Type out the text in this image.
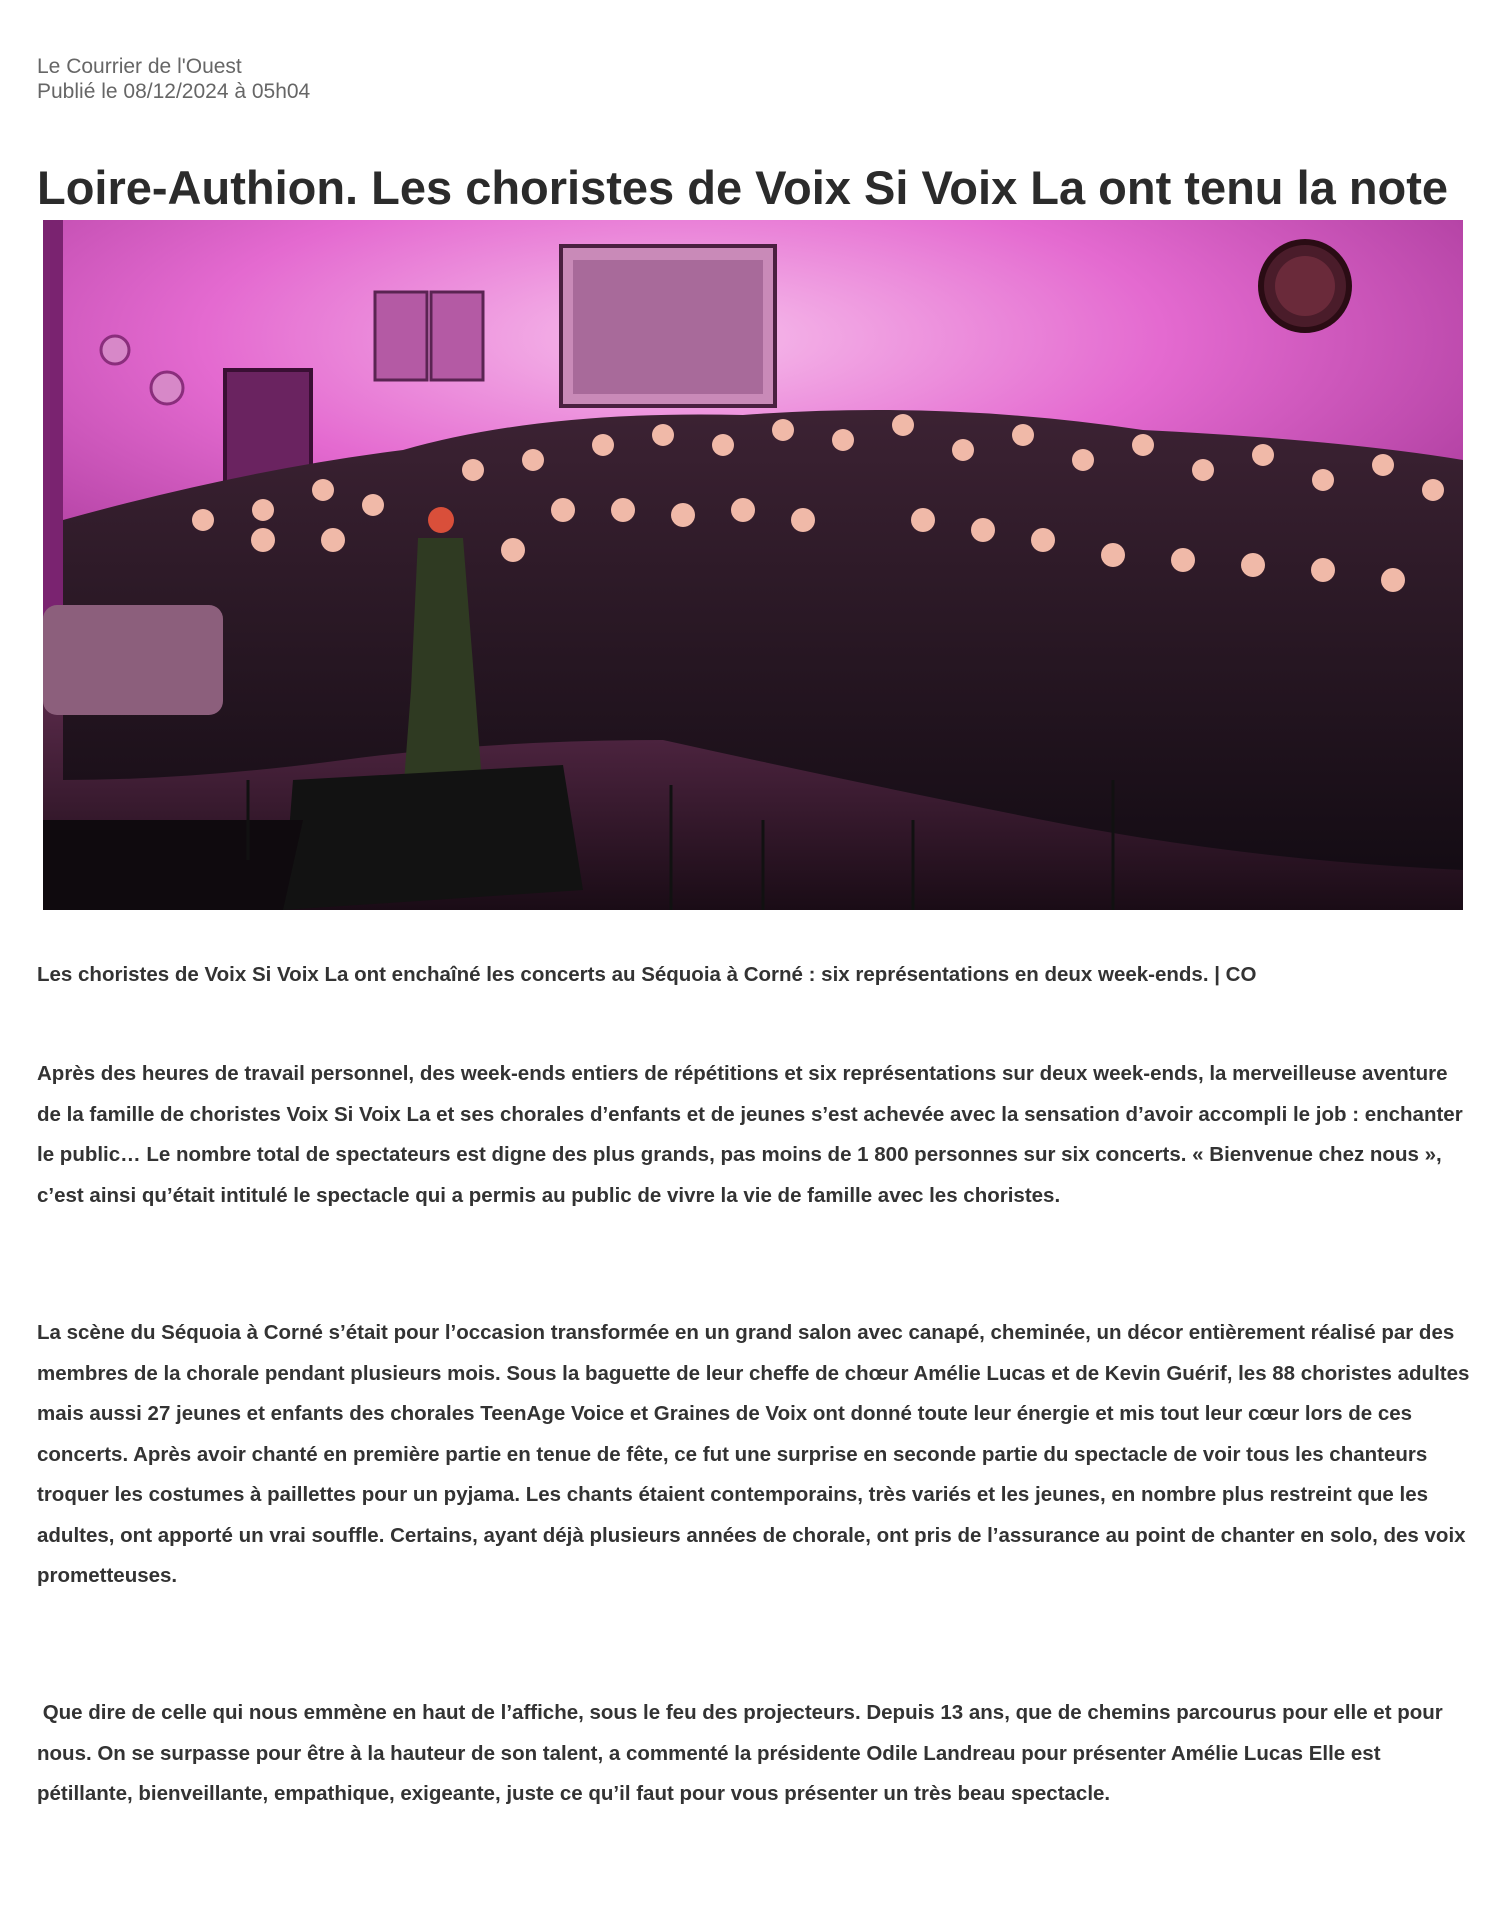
Le Courrier de l'Ouest
Publié le 08/12/2024 à 05h04
Loire-Authion. Les choristes de Voix Si Voix La ont tenu la note

Les choristes de Voix Si Voix La ont enchaîné les concerts au Séquoia à Corné : six représentations en deux week-ends. | CO

Après des heures de travail personnel, des week-ends entiers de répétitions et six représentations sur deux week-ends, la merveilleuse aventure de la famille de choristes Voix Si Voix La et ses chorales d’enfants et de jeunes s’est achevée avec la sensation d’avoir accompli le job : enchanter le public… Le nombre total de spectateurs est digne des plus grands, pas moins de 1 800 personnes sur six concerts. « Bienvenue chez nous », c’est ainsi qu’était intitulé le spectacle qui a permis au public de vivre la vie de famille avec les choristes.

La scène du Séquoia à Corné s’était pour l’occasion transformée en un grand salon avec canapé, cheminée, un décor entièrement réalisé par des membres de la chorale pendant plusieurs mois. Sous la baguette de leur cheffe de chœur Amélie Lucas et de Kevin Guérif, les 88 choristes adultes mais aussi 27 jeunes et enfants des chorales TeenAge Voice et Graines de Voix ont donné toute leur énergie et mis tout leur cœur lors de ces concerts. Après avoir chanté en première partie en tenue de fête, ce fut une surprise en seconde partie du spectacle de voir tous les chanteurs troquer les costumes à paillettes pour un pyjama. Les chants étaient contemporains, très variés et les jeunes, en nombre plus restreint que les adultes, ont apporté un vrai souffle. Certains, ayant déjà plusieurs années de chorale, ont pris de l’assurance au point de chanter en solo, des voix prometteuses.

Que dire de celle qui nous emmène en haut de l’affiche, sous le feu des projecteurs. Depuis 13 ans, que de chemins parcourus pour elle et pour nous. On se surpasse pour être à la hauteur de son talent, a commenté la présidente Odile Landreau pour présenter Amélie Lucas Elle est pétillante, bienveillante, empathique, exigeante, juste ce qu’il faut pour vous présenter un très beau spectacle.
